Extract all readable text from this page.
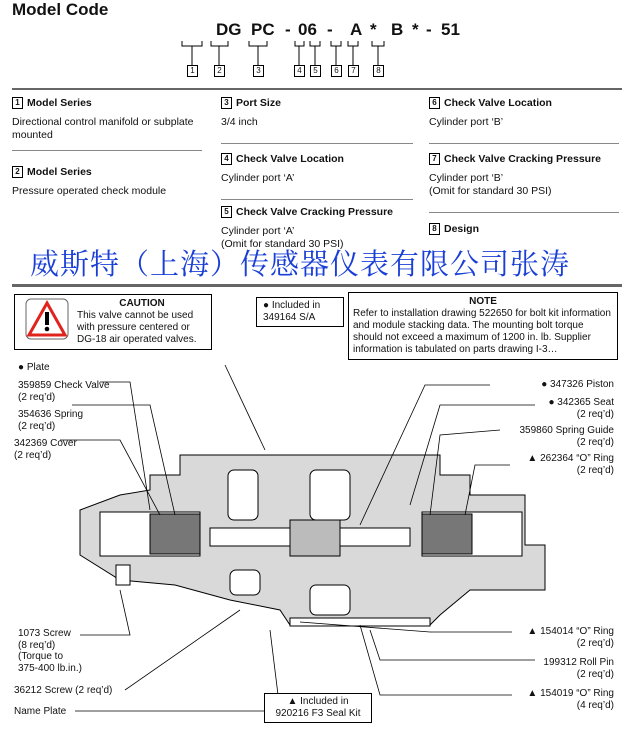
Model Code
DG PC - 06 - A * B * - 51
1	2	3	4	5	6	7	8
1 Model Series
Directional control manifold or subplate mounted
2 Model Series
Pressure operated check module
3 Port Size
3/4 inch
4 Check Valve Location
Cylinder port ‘A’
5 Check Valve Cracking Pressure
Cylinder port ‘A’
(Omit for standard 30 PSI)
6 Check Valve Location
Cylinder port ‘B’
7 Check Valve Cracking Pressure
Cylinder port ‘B’
(Omit for standard 30 PSI)
8 Design
CAUTION
This valve cannot be used with pressure centered or DG-18 air operated valves.
● Included in
349164 S/A
NOTE
Refer to installation drawing 522650 for bolt kit information and module stacking data. The mounting bolt torque should not exceed a maximum of 1200 in. lb. Supplier information is tabulated on parts drawing I-3…
● Plate
359859 Check Valve
(2 req’d)
354636 Spring
(2 req’d)
342369 Cover
(2 req’d)
1073 Screw
(8 req’d)
(Torque to
375-400 lb.in.)
36212 Screw (2 req’d)
Name Plate
● 347326 Piston
● 342365 Seat
(2 req’d)
359860 Spring Guide
(2 req’d)
▲ 262364 “O” Ring
(2 req’d)
▲ 154014 “O” Ring
(2 req’d)
199312 Roll Pin
(2 req’d)
▲ 154019 “O” Ring
(4 req’d)
▲ Included in
920216 F3 Seal Kit
威斯特（上海）传感器仪表有限公司张涛
